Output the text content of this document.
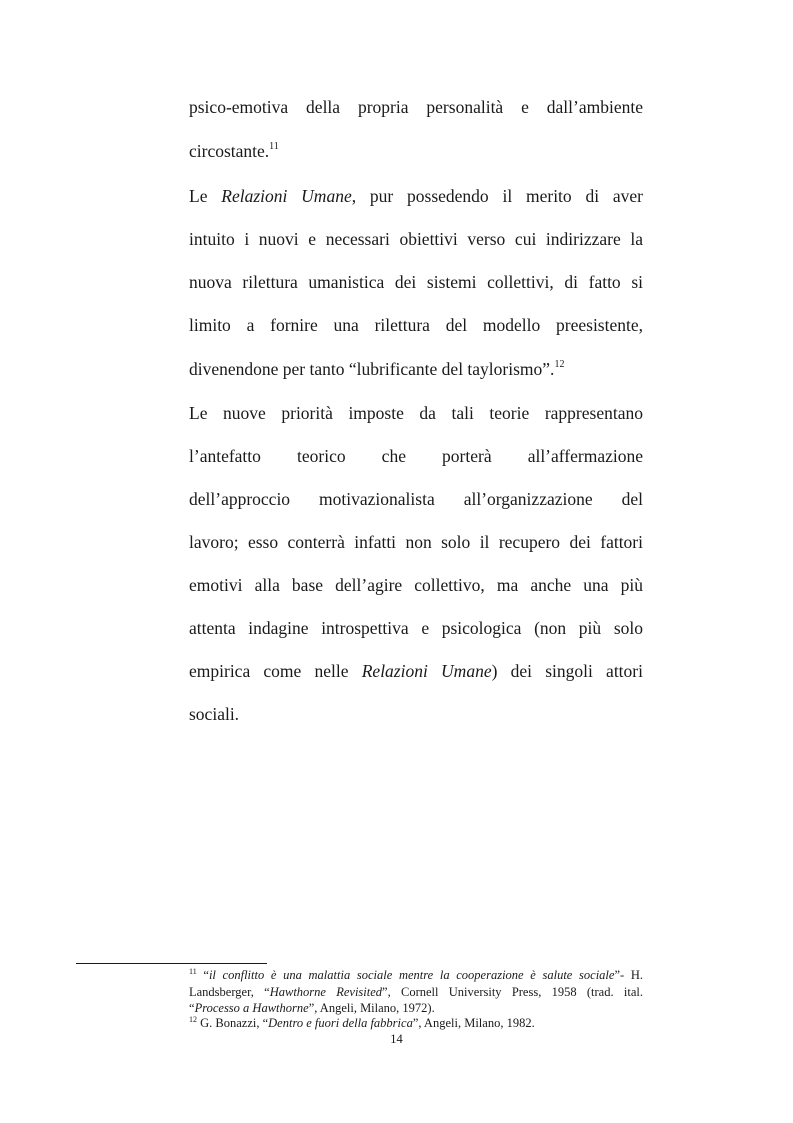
psico-emotiva della propria personalità e dall’ambiente
circostante.$^{11}$
Le Relazioni Umane, pur possedendo il merito di aver
intuito i nuovi e necessari obiettivi verso cui indirizzare la
nuova rilettura umanistica dei sistemi collettivi, di fatto si
limito a fornire una rilettura del modello preesistente,
divenendone per tanto “lubrificante del taylorismo”.$^{12}$
Le nuove priorità imposte da tali teorie rappresentano
l’antefatto teorico che porterà all’affermazione
dell’approccio motivazionalista all’organizzazione del
lavoro; esso conterrà infatti non solo il recupero dei fattori
emotivi alla base dell’agire collettivo, ma anche una più
attenta indagine introspettiva e psicologica (non più solo
empirica come nelle Relazioni Umane) dei singoli attori
sociali.
$^{11}$ “il conflitto è una malattia sociale mentre la cooperazione è salute sociale”- H.
Landsberger, “Hawthorne Revisited”, Cornell University Press, 1958 (trad. ital.
“Processo a Hawthorne”, Angeli, Milano, 1972).
$^{12}$ G. Bonazzi, “Dentro e fuori della fabbrica”, Angeli, Milano, 1982.
14
